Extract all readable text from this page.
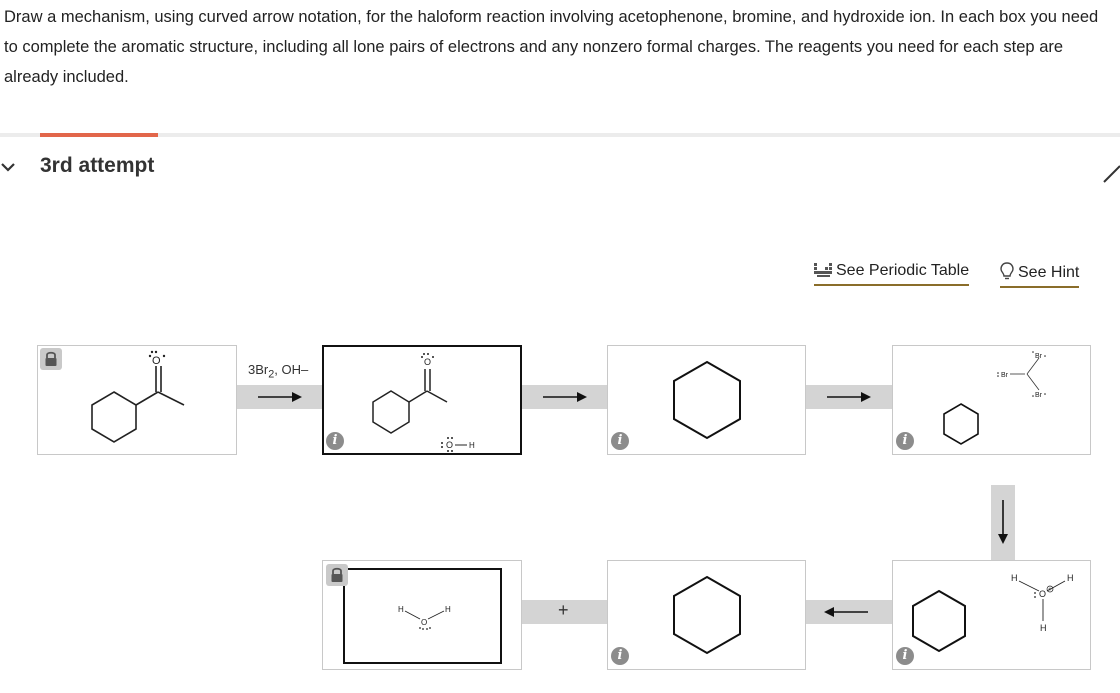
Draw a mechanism, using curved arrow notation, for the haloform reaction involving acetophenone, bromine, and hydroxide ion. In each box you need to complete the aromatic structure, including all lone pairs of electrons and any nonzero formal charges. The reagents you need for each step are already included.
3rd attempt
See Periodic Table	See Hint
O
$3Br_2$, OH–	O
O H
i	i
Br
Br
Br
i
H
O
H	+
i
H
O
H
H
i
